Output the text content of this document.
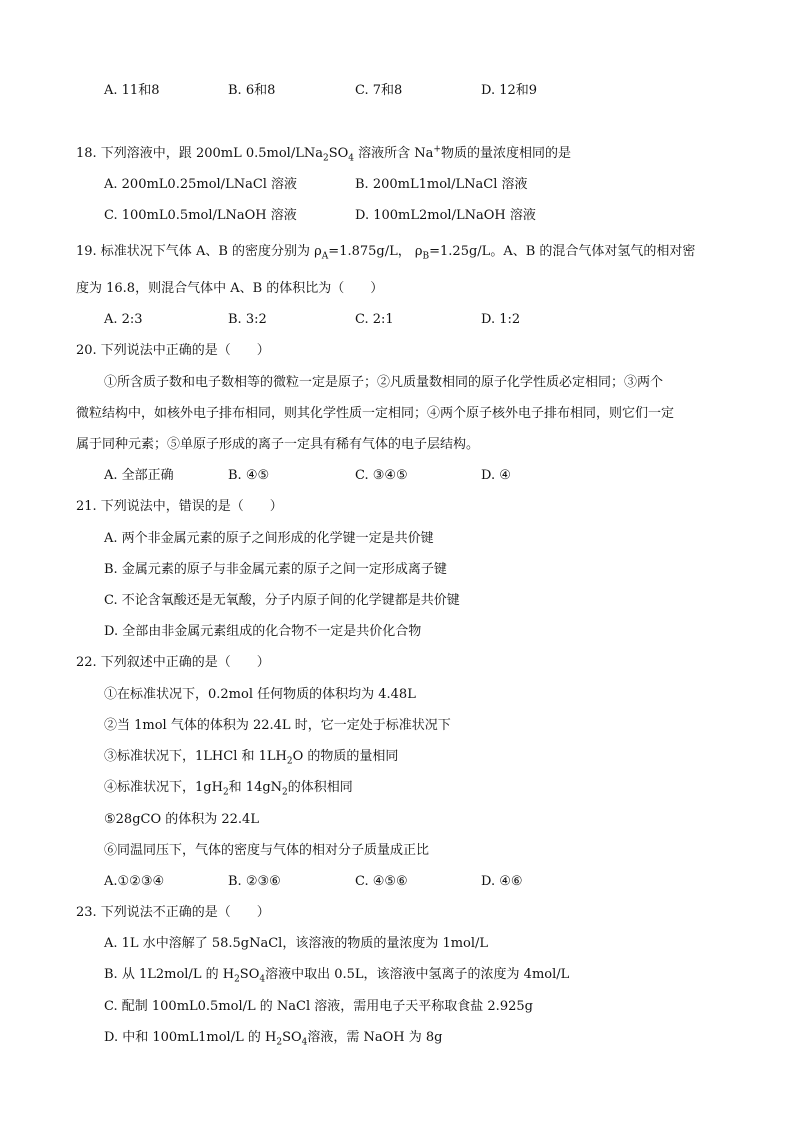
A. 11和8	B. 6和8	C. 7和8	D. 12和9
18. 下列溶液中，跟 200mL $0.5mol/LNa_2SO_4$ 溶液所含 Na+物质的量浓度相同的是
A. 200mL0.25mol/LNaCl 溶液	B. 200mL1mol/LNaCl 溶液
C. 100mL0.5mol/LNaOH 溶液	D. 100mL2mol/LNaOH 溶液
19. 标准状况下气体 A、B 的密度分别为 $\rho_A=1.875g/L$， $\rho_B=1.25g/L$。A、B 的混合气体对氢气的相对密
度为 16.8，则混合气体中 A、B 的体积比为（　　）
A. 2:3	B. 3:2	C. 2:1	D. 1:2
20. 下列说法中正确的是（　　）
①所含质子数和电子数相等的微粒一定是原子；②凡质量数相同的原子化学性质必定相同；③两个
微粒结构中，如核外电子排布相同，则其化学性质一定相同；④两个原子核外电子排布相同，则它们一定
属于同种元素；⑤单原子形成的离子一定具有稀有气体的电子层结构。
A. 全部正确	B. ④⑤	C. ③④⑤	D. ④
21. 下列说法中，错误的是（　　）
A. 两个非金属元素的原子之间形成的化学键一定是共价键
B. 金属元素的原子与非金属元素的原子之间一定形成离子键
C. 不论含氧酸还是无氧酸，分子内原子间的化学键都是共价键
D. 全部由非金属元素组成的化合物不一定是共价化合物
22. 下列叙述中正确的是（　　）
①在标准状况下，0.2mol 任何物质的体积均为 4.48L
②当 1mol 气体的体积为 22.4L 时，它一定处于标准状况下
③标准状况下，1LHCl 和 $1LH_2O$ 的物质的量相同
④标准状况下，$1gH_2$和 $14gN_2$的体积相同
⑤28gCO 的体积为 22.4L
⑥同温同压下，气体的密度与气体的相对分子质量成正比
A.①②③④	B. ②③⑥	C. ④⑤⑥	D. ④⑥
23. 下列说法不正确的是（　　）
A. 1L 水中溶解了 58.5gNaCl，该溶液的物质的量浓度为 1mol/L
B. 从 1L2mol/L 的 $H_2SO_4$溶液中取出 0.5L，该溶液中氢离子的浓度为 4mol/L
C. 配制 100mL0.5mol/L 的 NaCl 溶液，需用电子天平称取食盐 2.925g
D. 中和 100mL1mol/L 的 $H_2SO_4$溶液，需 NaOH 为 8g
